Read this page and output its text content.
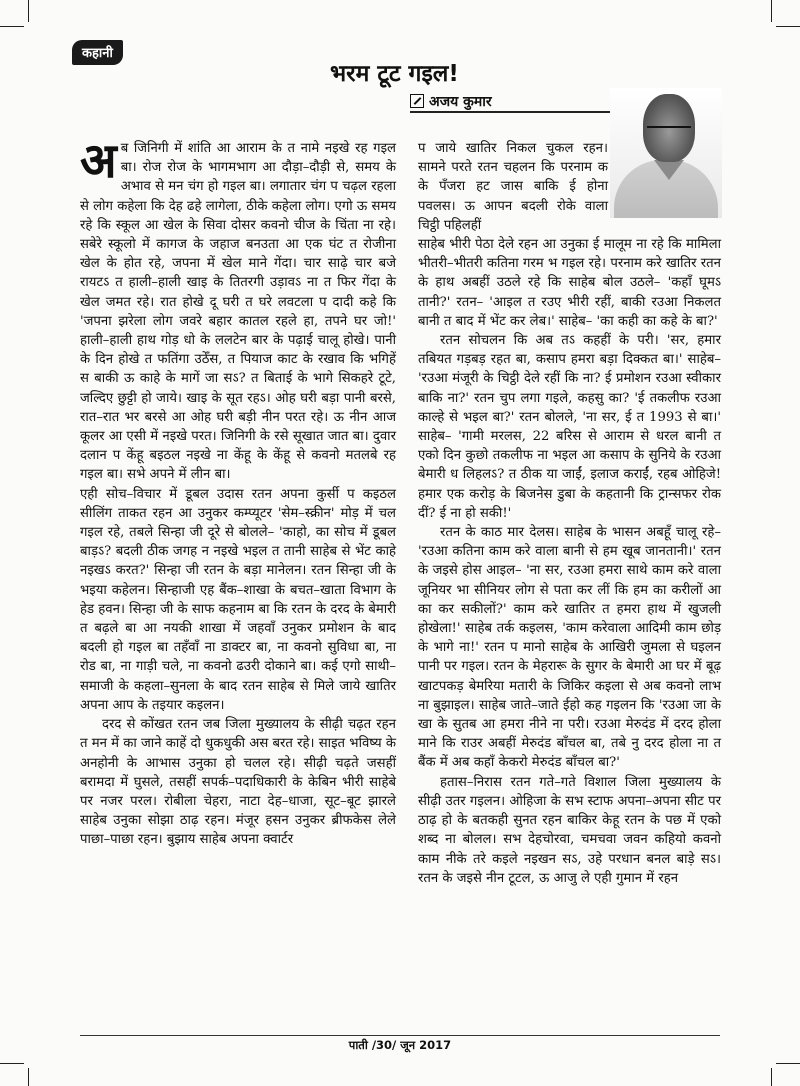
कहानी
भरम टूट गइल!
अजय कुमार

अब जिनिगी में शांति आ आराम के त नामे नइखे रह गइल बा। रोज रोज के भागमभाग आ दौड़ा–दौड़ी से, समय के अभाव से मन चंग हो गइल बा। लगातार चंग प चढ़ल रहला से लोग कहेला कि देह ढहे लागेला, ठीके कहेला लोग। एगो ऊ समय रहे कि स्कूल आ खेल के सिवा दोसर कवनो चीज के चिंता ना रहे। सबेरे स्कूलो में कागज के जहाज बनउता आ एक घंट त रोजीना खेल के होत रहे, जपना में खेल माने गेंदा। चार साढ़े चार बजे रायटऽ त हाली–हाली खाइ के तितरगी उड़ावऽ ना त फिर गेंदा के खेल जमत रहे। रात होखे दू घरी त घरे लवटला प दादी कहे कि 'जपना झरेला लोग जवरे बहार कातल रहले हा, तपने घर जो!' हाली–हाली हाथ गोड़ धो के ललटेन बार के पढ़ाई चालू होखे। पानी के दिन होखे त फतिंगा उठेँस, त पियाज काट के रखाव कि भगिहें स बाकी ऊ काहे के मागें जा सऽ? त बिताई के भागे सिकहरे टूटे, जल्दिए छुट्टी हो जाये। खाइ के सूत रहऽ। ओह घरी बड़ा पानी बरसे, रात–रात भर बरसे आ ओह घरी बड़ी नीन परत रहे। ऊ नीन आज कूलर आ एसी में नइखे परत। जिनिगी के रसे सूखात जात बा। दुवार दलान प केंहू बइठल नइखे ना केंहू के केंहू से कवनो मतलबे रह गइल बा। सभे अपने में लीन बा।

एही सोच–विचार में डूबल उदास रतन अपना कुर्सी प कइठल सीलिंग ताकत रहन आ उनुकर कम्प्यूटर 'सेम–स्क्रीन' मोड़ में चल गइल रहे, तबले सिन्हा जी दूरे से बोलले– 'काहो, का सोच में डूबल बाड़ऽ? बदली ठीक जगह न नइखे भइल त तानी साहेब से भेंट काहे नइखऽ करत?' सिन्हा जी रतन के बड़ा मानेलन। रतन सिन्हा जी के भइया कहेलन। सिन्हाजी एह बैंक–शाखा के बचत–खाता विभाग के हेड हवन। सिन्हा जी के साफ कहनाम बा कि रतन के दरद के बेमारी त बढ़ले बा आ नयकी शाखा में जहवाँ उनुकर प्रमोशन के बाद बदली हो गइल बा तहँवाँ ना डाक्टर बा, ना कवनो सुविधा बा, ना रोड बा, ना गाड़ी चले, ना कवनो ढउरी दोकाने बा। कई एगो साथी–समाजी के कहला–सुनला के बाद रतन साहेब से मिले जाये खातिर अपना आप के तइयार कइलन।

दरद से कोंखत रतन जब जिला मुख्यालय के सीढ़ी चढ़त रहन त मन में का जाने काहें दो धुकधुकी अस बरत रहे। साइत भविष्य के अनहोनी के आभास उनुका हो चलल रहे। सीढ़ी चढ़ते जसहीं बरामदा में घुसले, तसहीं सपर्क–पदाधिकारी के केबिन भीरी साहेबे पर नजर परल। रोबीला चेहरा, नाटा देह–धाजा, सूट–बूट झारले साहेब उनुका सोझा ठाढ़ रहन। मंजूर हसन उनुकर ब्रीफकेस लेले पाछा–पाछा रहन। बुझाय साहेब अपना क्वार्टर

प जाये खातिर निकल चुकल रहन। सामने परते रतन चहलन कि परनाम क के पँजरा हट जास बाकि ई होना पवलस। ऊ आपन बदली रोके वाला चिट्ठी पहिलहीं

साहेब भीरी पेठा देले रहन आ उनुका ई मालूम ना रहे कि मामिला भीतरी–भीतरी कतिना गरम भ गइल रहे। परनाम करे खातिर रतन के हाथ अबहीं उठले रहे कि साहेब बोल उठले– 'कहाँ घूमऽ तानी?' रतन– 'आइल त रउए भीरी रहीं, बाकी रउआ निकलत बानी त बाद में भेंट कर लेब।' साहेब– 'का कही का कहे के बा?'

रतन सोचलन कि अब तऽ कहहीं के परी। 'सर, हमार तबियत गड़बड़ रहत बा, कसाप हमरा बड़ा दिक्कत बा।' साहेब– 'रउआ मंजूरी के चिट्ठी देले रहीं कि ना? ई प्रमोशन रउआ स्वीकार बाकि ना?' रतन चुप लगा गइले, कहसु का? 'ई तकलीफ रउआ काल्हे से भइल बा?' रतन बोलले, 'ना सर, ई त 1993 से बा।' साहेब– 'गामी मरलस, 22 बरिस से आराम से धरल बानी त एको दिन कुछो तकलीफ ना भइल आ कसाप के सुनिये के रउआ बेमारी ध लिहलऽ? त ठीक या जाईं, इलाज कराईं, रहब ओहिजे! हमार एक करोड़ के बिजनेस डुबा के कहतानी कि ट्रान्सफर रोक दीं? ई ना हो सकी!'

रतन के काठ मार देलस। साहेब के भासन अबहूँ चालू रहे– 'रउआ कतिना काम करे वाला बानी से हम खूब जानतानी।' रतन के जइसे होस आइल– 'ना सर, रउआ हमरा साथे काम करे वाला जूनियर भा सीनियर लोग से पता कर लीं कि हम का करीलों आ का कर सकीलों?' काम करे खातिर त हमरा हाथ में खुजली होखेला!' साहेब तर्क कइलस, 'काम करेवाला आदिमी काम छोड़ के भागे ना!' रतन प मानो साहेब के आखिरी जुमला से घइलन पानी पर गइल। रतन के मेहरारू के सुगर के बेमारी आ घर में बूढ़ खाटपकड़ बेमरिया मतारी के जिकिर कइला से अब कवनो लाभ ना बुझाइल। साहेब जाते–जाते ईहो कह गइलन कि 'रउआ जा के खा के सुतब आ हमरा नीने ना परी। रउआ मेरुदंड में दरद होला माने कि राउर अबहीं मेरुदंड बाँचल बा, तबे नु दरद होला ना त बैंक में अब कहाँ केकरो मेरुदंड बाँचल बा?'

हतास–निरास रतन गते–गते विशाल जिला मुख्यालय के सीढ़ी उतर गइलन। ओहिजा के सभ स्टाफ अपना–अपना सीट पर ठाढ़ हो के बतकही सुनत रहन बाकिर केहू रतन के पछ में एको शब्द ना बोलल। सभ देहचोरवा, चमचवा जवन कहियो कवनो काम नीके तरे कइले नइखन सऽ, उहे परधान बनल बाड़े सऽ। रतन के जइसे नीन टूटल, ऊ आजु ले एही गुमान में रहन

पाती /30/ जून 2017
